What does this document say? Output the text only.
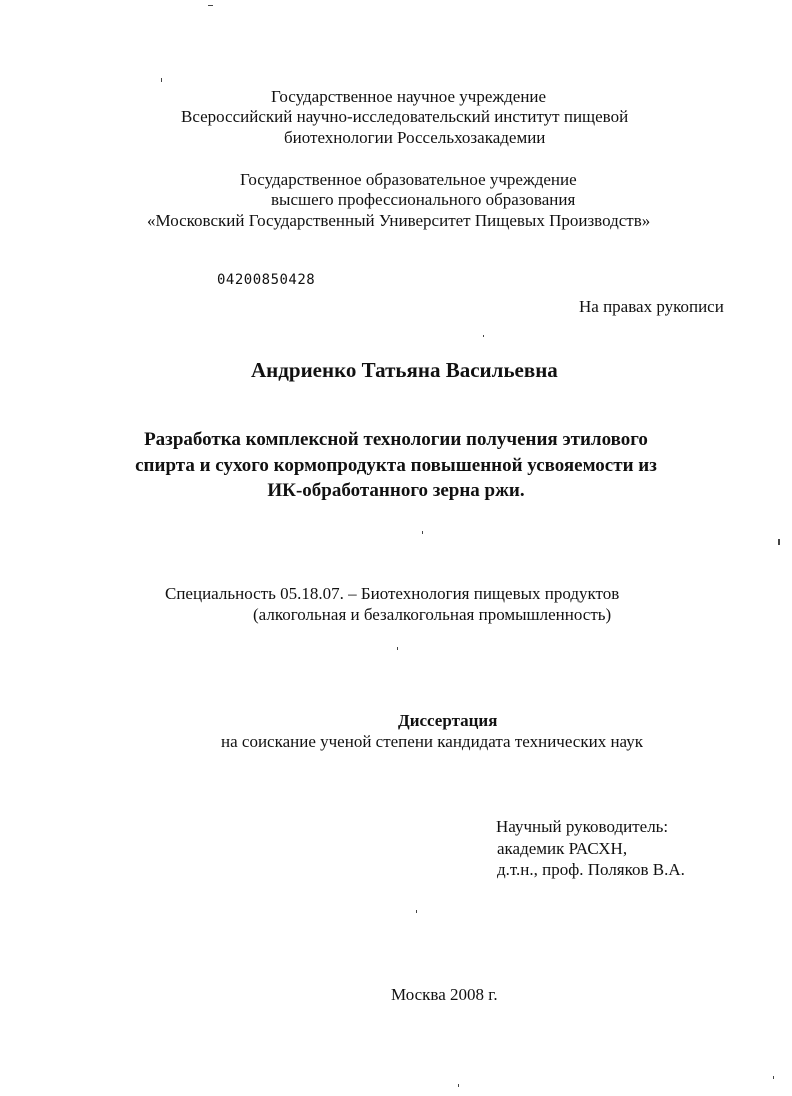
Государственное научное учреждение
Всероссийский научно-исследовательский институт пищевой
биотехнологии Россельхозакадемии
Государственное образовательное учреждение
высшего профессионального образования
«Московский Государственный Университет Пищевых Производств»
04200850428
На правах рукописи
Андриенко Татьяна Васильевна
Разработка комплексной технологии получения этилового
спирта и сухого кормопродукта повышенной усвояемости из
ИК-обработанного зерна ржи.
Специальность 05.18.07. – Биотехнология пищевых продуктов
(алкогольная и безалкогольная промышленность)
Диссертация
на соискание ученой степени кандидата технических наук
Научный руководитель:
академик РАСХН,
д.т.н., проф. Поляков В.А.
Москва 2008 г.
